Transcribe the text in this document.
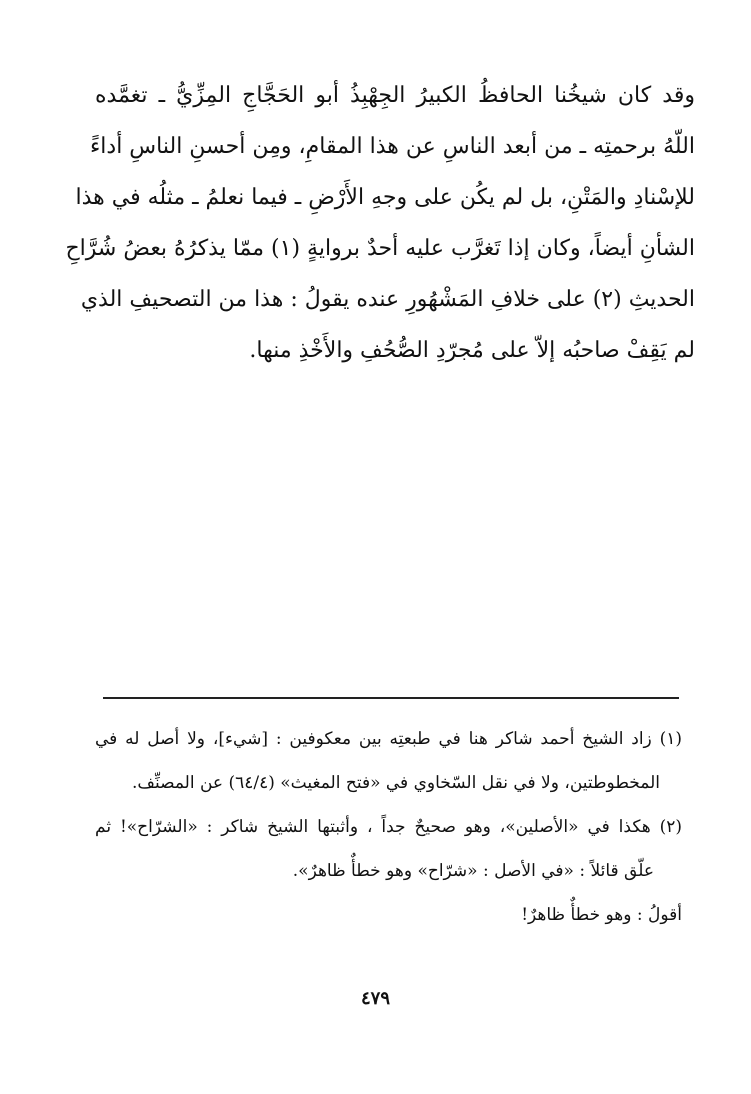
وقد كان شيخُنا الحافظُ الكبيرُ الجِهْبِذُ أبو الحَجَّاجِ المِزِّيُّ ـ تغمَّده
اللّهُ برحمتِه ـ من أبعد الناسِ عن هذا المقامِ، ومِن أحسنِ الناسِ أداءً
للإسْنادِ والمَتْنِ، بل لم يكُن على وجهِ الأَرْضِ ـ فيما نعلمُ ـ مثلُه في هذا
الشأنِ أيضاً، وكان إذا تَغرَّب عليه أحدٌ بروايةٍ (١) ممّا يذكرُهُ بعضُ شُرَّاحِ
الحديثِ (٢) على خلافِ المَشْهُورِ عنده يقولُ : هذا من التصحيفِ الذي
لم يَقِفْ صاحبُه إلاّ على مُجرّدِ الصُّحُفِ والأَخْذِ منها.
(١) زاد الشيخ أحمد شاكر هنا في طبعتِه بين معكوفين : [شيء]، ولا أصل له في
المخطوطتين، ولا في نقل السّخاوي في «فتح المغيث» (٦٤/٤) عن المصنِّف.
(٢) هكذا في «الأصلين»، وهو صحيحٌ جداً ، وأثبتها الشيخ شاكر : «الشرّاح»! ثم
علّق قائلاً : «في الأصل : «شرّاح» وهو خطأٌ ظاهرٌ».
أقولُ : وهو خطأٌ ظاهرٌ!
٤٧٩
